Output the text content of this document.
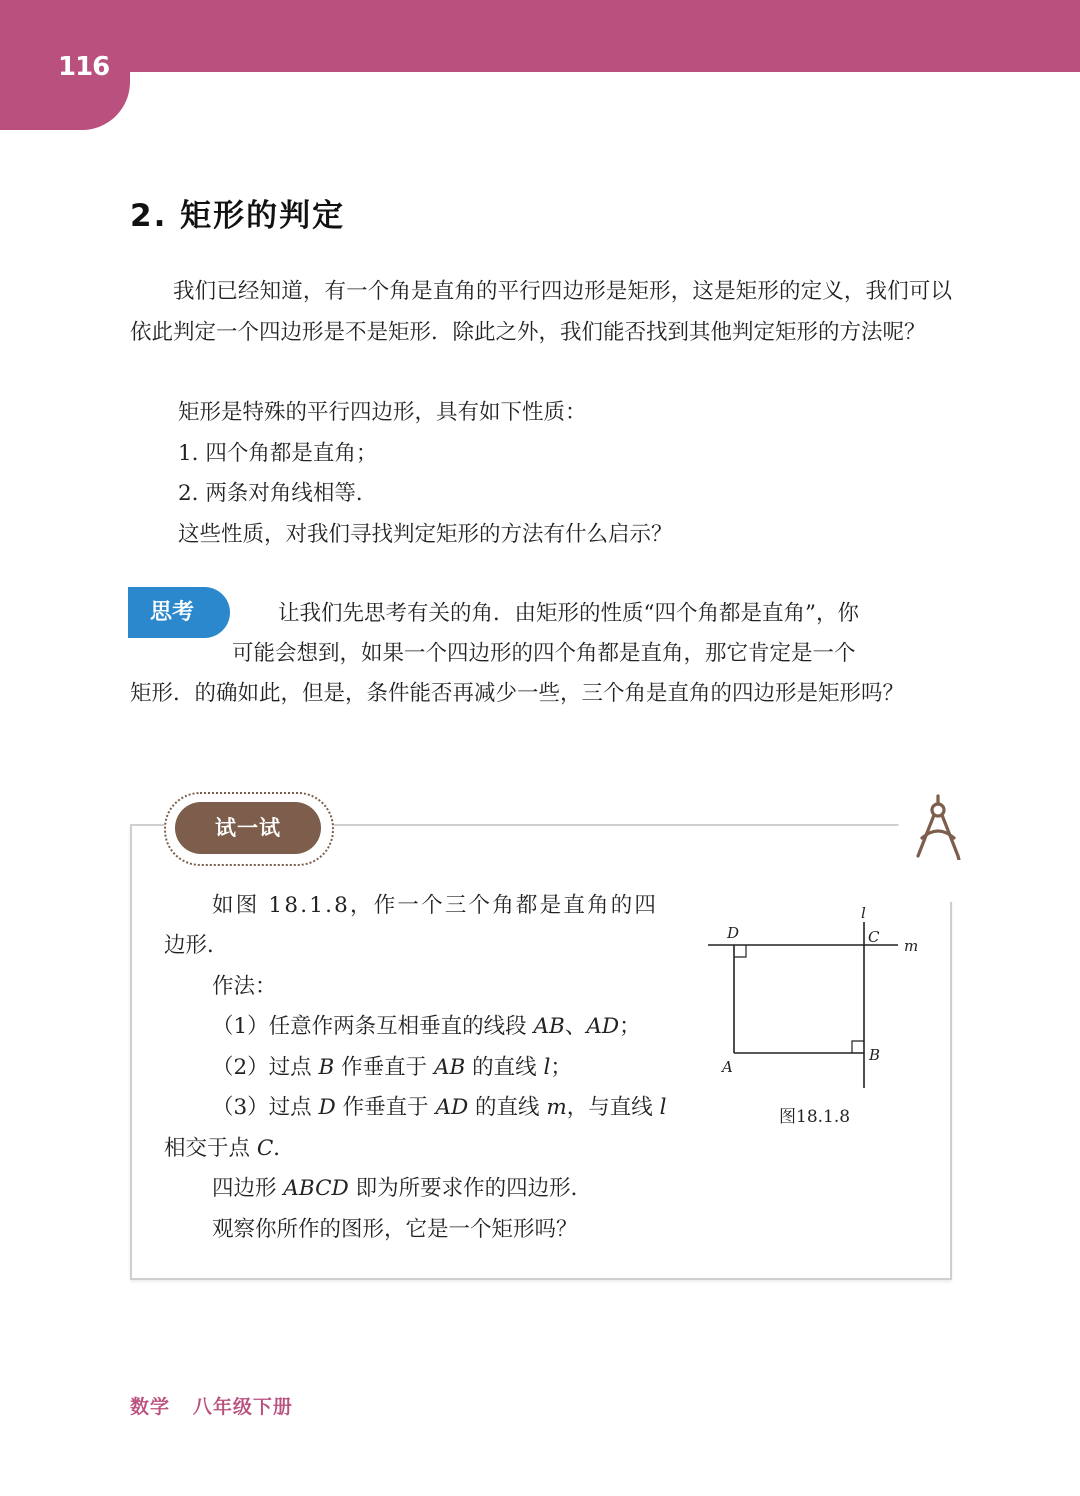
116
2. 矩形的判定

我们已经知道，有一个角是直角的平行四边形是矩形，这是矩形的定义，我们可以依此判定一个四边形是不是矩形．除此之外，我们能否找到其他判定矩形的方法呢？

矩形是特殊的平行四边形，具有如下性质：

1. 四个角都是直角；

2. 两条对角线相等．

这些性质，对我们寻找判定矩形的方法有什么启示？

思考	让我们先思考有关的角．由矩形的性质“四个角都是直角”，你

可能会想到，如果一个四边形的四个角都是直角，那它肯定是一个

矩形．的确如此，但是，条件能否再减少一些，三个角是直角的四边形是矩形吗？

试一试

如图 18.1.8，作一个三个角都是直角的四

边形．

作法：

（1）任意作两条互相垂直的线段 AB、AD；

（2）过点 B 作垂直于 AB 的直线 l；

（3）过点 D 作垂直于 AD 的直线 m，与直线 l

相交于点 C．

四边形 ABCD 即为所要求作的四边形．

观察你所作的图形，它是一个矩形吗？

D	C
A
B
l
m

图18.1.8

数学   八年级下册
